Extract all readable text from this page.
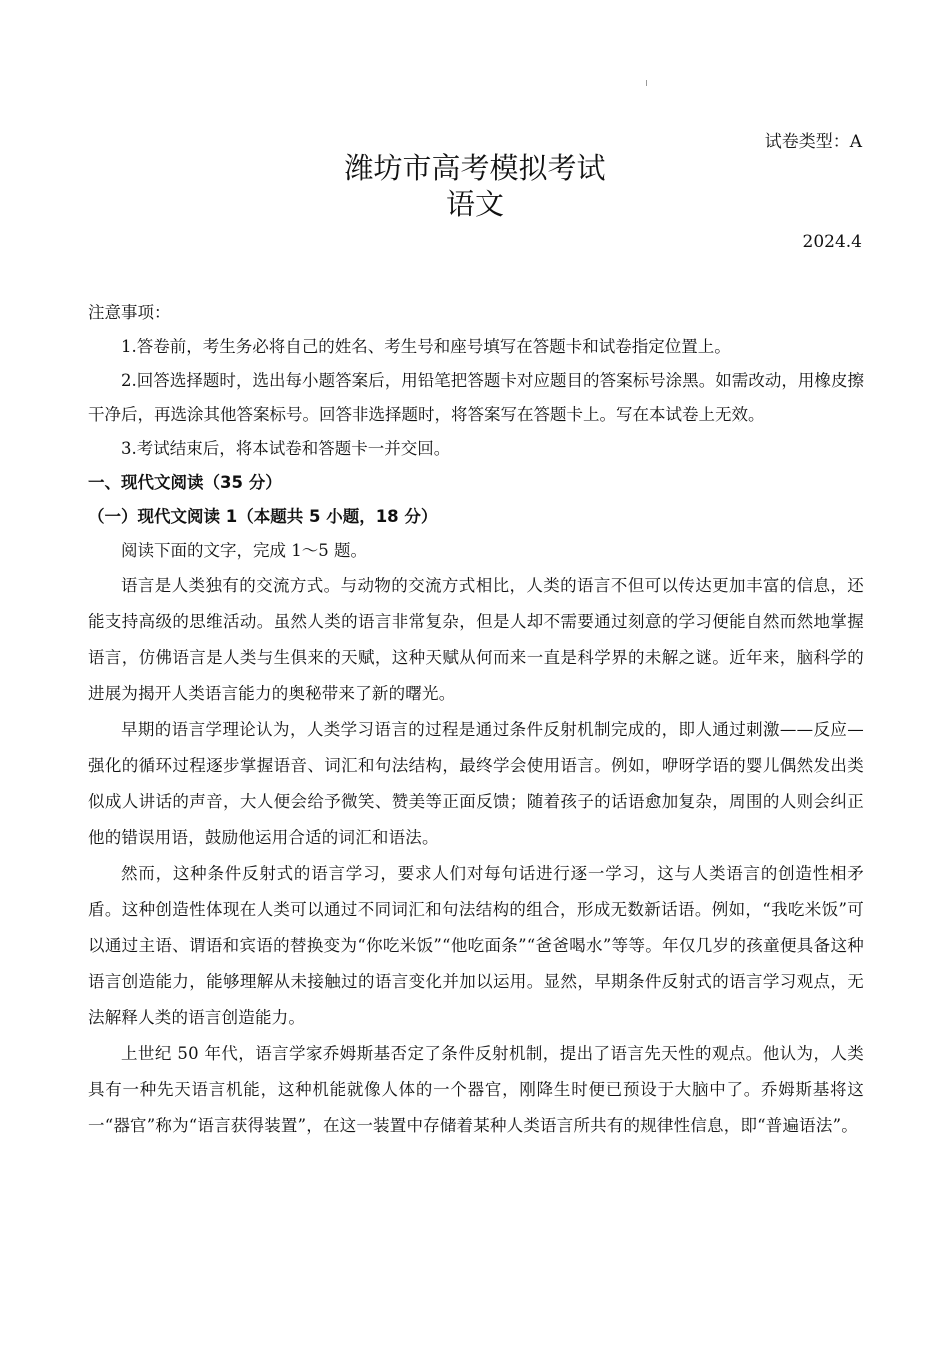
试卷类型：A
潍坊市高考模拟考试
语文
2024.4
注意事项：
1.答卷前，考生务必将自己的姓名、考生号和座号填写在答题卡和试卷指定位置上。
2.回答选择题时，选出每小题答案后，用铅笔把答题卡对应题目的答案标号涂黑。如需改动，用橡皮擦干净后，再选涂其他答案标号。回答非选择题时，将答案写在答题卡上。写在本试卷上无效。
3.考试结束后，将本试卷和答题卡一并交回。
一、现代文阅读（35 分）
（一）现代文阅读 1（本题共 5 小题，18 分）
阅读下面的文字，完成 1～5 题。
语言是人类独有的交流方式。与动物的交流方式相比，人类的语言不但可以传达更加丰富的信息，还能支持高级的思维活动。虽然人类的语言非常复杂，但是人却不需要通过刻意的学习便能自然而然地掌握语言，仿佛语言是人类与生俱来的天赋，这种天赋从何而来一直是科学界的未解之谜。近年来，脑科学的进展为揭开人类语言能力的奥秘带来了新的曙光。
早期的语言学理论认为，人类学习语言的过程是通过条件反射机制完成的，即人通过刺激——反应—强化的循环过程逐步掌握语音、词汇和句法结构，最终学会使用语言。例如，咿呀学语的婴儿偶然发出类似成人讲话的声音，大人便会给予微笑、赞美等正面反馈；随着孩子的话语愈加复杂，周围的人则会纠正他的错误用语，鼓励他运用合适的词汇和语法。
然而，这种条件反射式的语言学习，要求人们对每句话进行逐一学习，这与人类语言的创造性相矛盾。这种创造性体现在人类可以通过不同词汇和句法结构的组合，形成无数新话语。例如，“我吃米饭”可以通过主语、谓语和宾语的替换变为“你吃米饭”“他吃面条”“爸爸喝水”等等。年仅几岁的孩童便具备这种语言创造能力，能够理解从未接触过的语言变化并加以运用。显然，早期条件反射式的语言学习观点，无法解释人类的语言创造能力。
上世纪 50 年代，语言学家乔姆斯基否定了条件反射机制，提出了语言先天性的观点。他认为，人类具有一种先天语言机能，这种机能就像人体的一个器官，刚降生时便已预设于大脑中了。乔姆斯基将这一“器官”称为“语言获得装置”，在这一装置中存储着某种人类语言所共有的规律性信息，即“普遍语法”。
